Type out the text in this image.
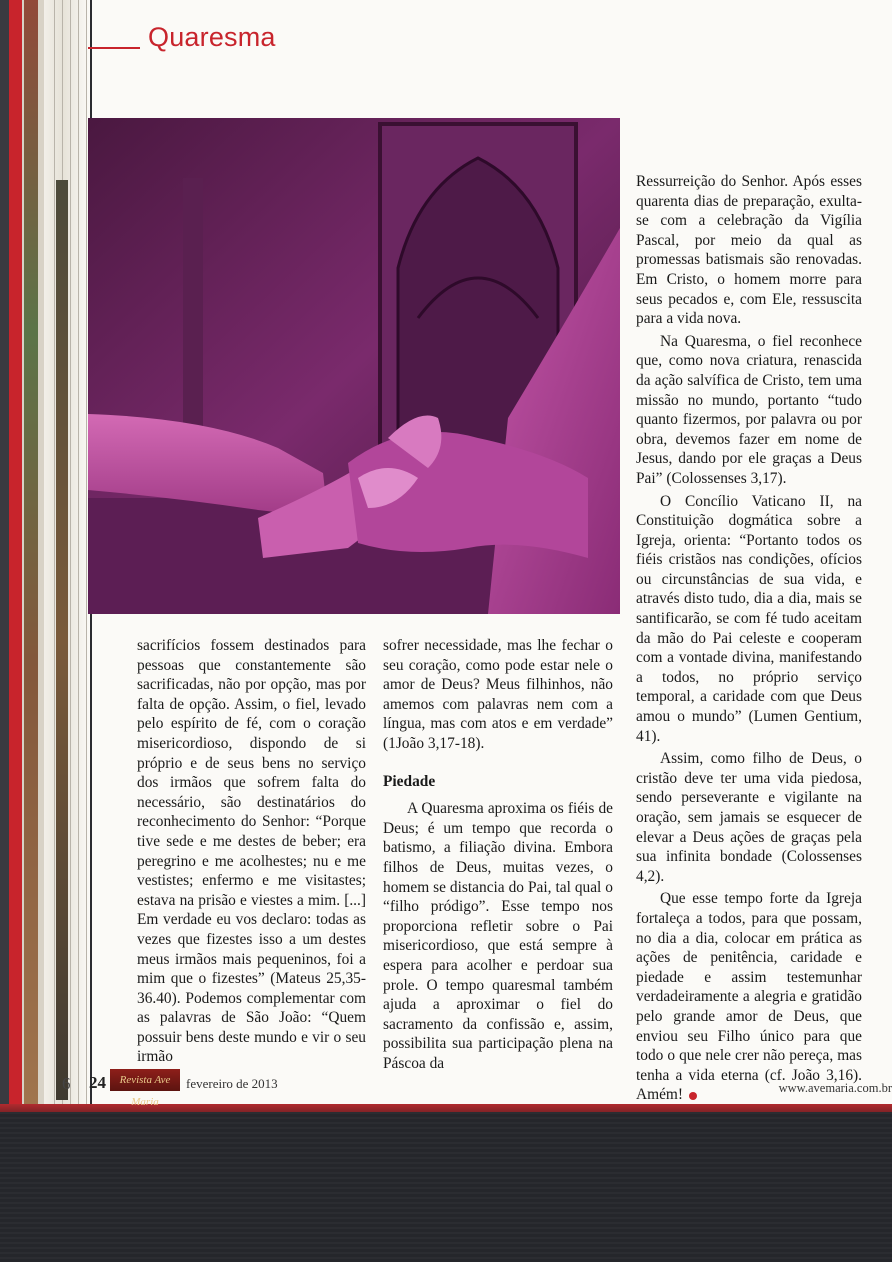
Quaresma

sacrifícios fossem destinados para pessoas que constantemente são sacrificadas, não por opção, mas por falta de opção. Assim, o fiel, levado pelo espírito de fé, com o coração misericordioso, dispondo de si próprio e de seus bens no serviço dos irmãos que sofrem falta do necessário, são destinatários do reconhecimento do Senhor: “Porque tive sede e me destes de beber; era peregrino e me acolhestes; nu e me vestistes; enfermo e me visitastes; estava na prisão e viestes a mim. [...] Em verdade eu vos declaro: todas as vezes que fizestes isso a um destes meus irmãos mais pequeninos, foi a mim que o fizestes” (Mateus 25,35-36.40). Podemos complementar com as palavras de São João: “Quem possuir bens deste mundo e vir o seu irmão

sofrer necessidade, mas lhe fechar o seu coração, como pode estar nele o amor de Deus? Meus filhinhos, não amemos com palavras nem com a língua, mas com atos e em verdade” (1João 3,17-18).

Piedade

A Quaresma aproxima os fiéis de Deus; é um tempo que recorda o batismo, a filiação divina. Embora filhos de Deus, muitas vezes, o homem se distancia do Pai, tal qual o “filho pródigo”. Esse tempo nos proporciona refletir sobre o Pai misericordioso, que está sempre à espera para acolher e perdoar sua prole. O tempo quaresmal também ajuda a aproximar o fiel do sacramento da confissão e, assim, possibilita sua participação plena na Páscoa da

Ressurreição do Senhor. Após esses quarenta dias de preparação, exulta-se com a celebração da Vigília Pascal, por meio da qual as promessas batismais são renovadas. Em Cristo, o homem morre para seus pecados e, com Ele, ressuscita para a vida nova.

Na Quaresma, o fiel reconhece que, como nova criatura, renascida da ação salvífica de Cristo, tem uma missão no mundo, portanto “tudo quanto fizermos, por palavra ou por obra, devemos fazer em nome de Jesus, dando por ele graças a Deus Pai” (Colossenses 3,17).

O Concílio Vaticano II, na Constituição dogmática sobre a Igreja, orienta: “Portanto todos os fiéis cristãos nas condições, ofícios ou circunstâncias de sua vida, e através disto tudo, dia a dia, mais se santificarão, se com fé tudo aceitam da mão do Pai celeste e cooperam com a vontade divina, manifestando a todos, no próprio serviço temporal, a caridade com que Deus amou o mundo” (Lumen Gentium, 41).

Assim, como filho de Deus, o cristão deve ter uma vida piedosa, sendo perseverante e vigilante na oração, sem jamais se esquecer de elevar a Deus ações de graças pela sua infinita bondade (Colossenses 4,2).

Que esse tempo forte da Igreja fortaleça a todos, para que possam, no dia a dia, colocar em prática as ações de penitência, caridade e piedade e assim testemunhar verdadeiramente a alegria e gratidão pelo grande amor de Deus, que enviou seu Filho único para que todo o que nele crer não pereça, mas tenha a vida eterna (cf. João 3,16). Amém!

6 24	Revista Ave Maria
fevereiro de 2013	www.avemaria.com.br
